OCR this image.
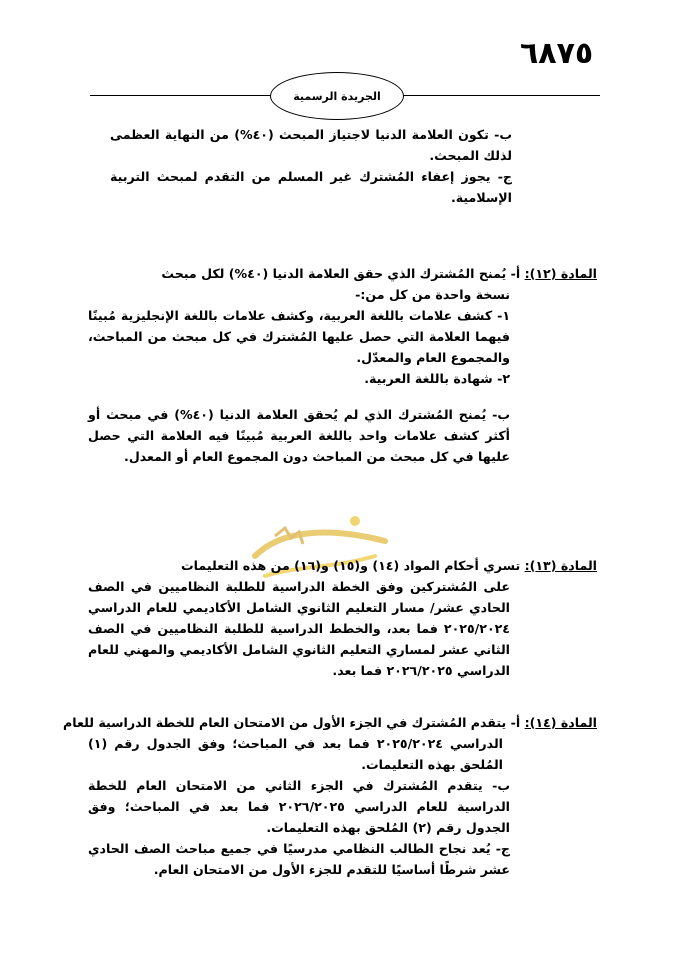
٦٨٧٥
الجريدة الرسمية

ب- تكون العلامة الدنيا لاجتياز المبحث (٤٠%) من النهاية العظمى لذلك المبحث.

ج- يجوز إعفاء المُشترك غير المسلم من التقدم لمبحث التربية الإسلامية.

المادة (١٢): أ- يُمنح المُشترك الذي حقق العلامة الدنيا (٤٠%) لكل مبحث

نسخة واحدة من كل من:-

١- كشف علامات باللغة العربية، وكشف علامات باللغة الإنجليزية مُبينًا فيهما العلامة التي حصل عليها المُشترك في كل مبحث من المباحث، والمجموع العام والمعدّل.

٢- شهادة باللغة العربية.

ب- يُمنح المُشترك الذي لم يُحقق العلامة الدنيا (٤٠%) في مبحث أو أكثر كشف علامات واحد باللغة العربية مُبينًا فيه العلامة التي حصل عليها في كل مبحث من المباحث دون المجموع العام أو المعدل.

المادة (١٣): تسري أحكام المواد (١٤) و(١٥) و(١٦) من هذه التعليمات

على المُشتركين وفق الخطة الدراسية للطلبة النظاميين في الصف الحادي عشر/ مسار التعليم الثانوي الشامل الأكاديمي للعام الدراسي ٢٠٢٥/٢٠٢٤ فما بعد، والخطط الدراسية للطلبة النظاميين في الصف الثاني عشر لمساري التعليم الثانوي الشامل الأكاديمي والمهني للعام الدراسي ٢٠٢٦/٢٠٢٥ فما بعد.

المادة (١٤): أ- يتقدم المُشترك في الجزء الأول من الامتحان العام للخطة الدراسية للعام

الدراسي ٢٠٢٥/٢٠٢٤ فما بعد في المباحث؛ وفق الجدول رقم (١) المُلحق بهذه التعليمات.

ب- يتقدم المُشترك في الجزء الثاني من الامتحان العام للخطة الدراسية للعام الدراسي ٢٠٢٦/٢٠٢٥ فما بعد في المباحث؛ وفق الجدول رقم (٢) المُلحق بهذه التعليمات.

ج- يُعد نجاح الطالب النظامي مدرسيًا في جميع مباحث الصف الحادي عشر شرطًا أساسيًا للتقدم للجزء الأول من الامتحان العام.
